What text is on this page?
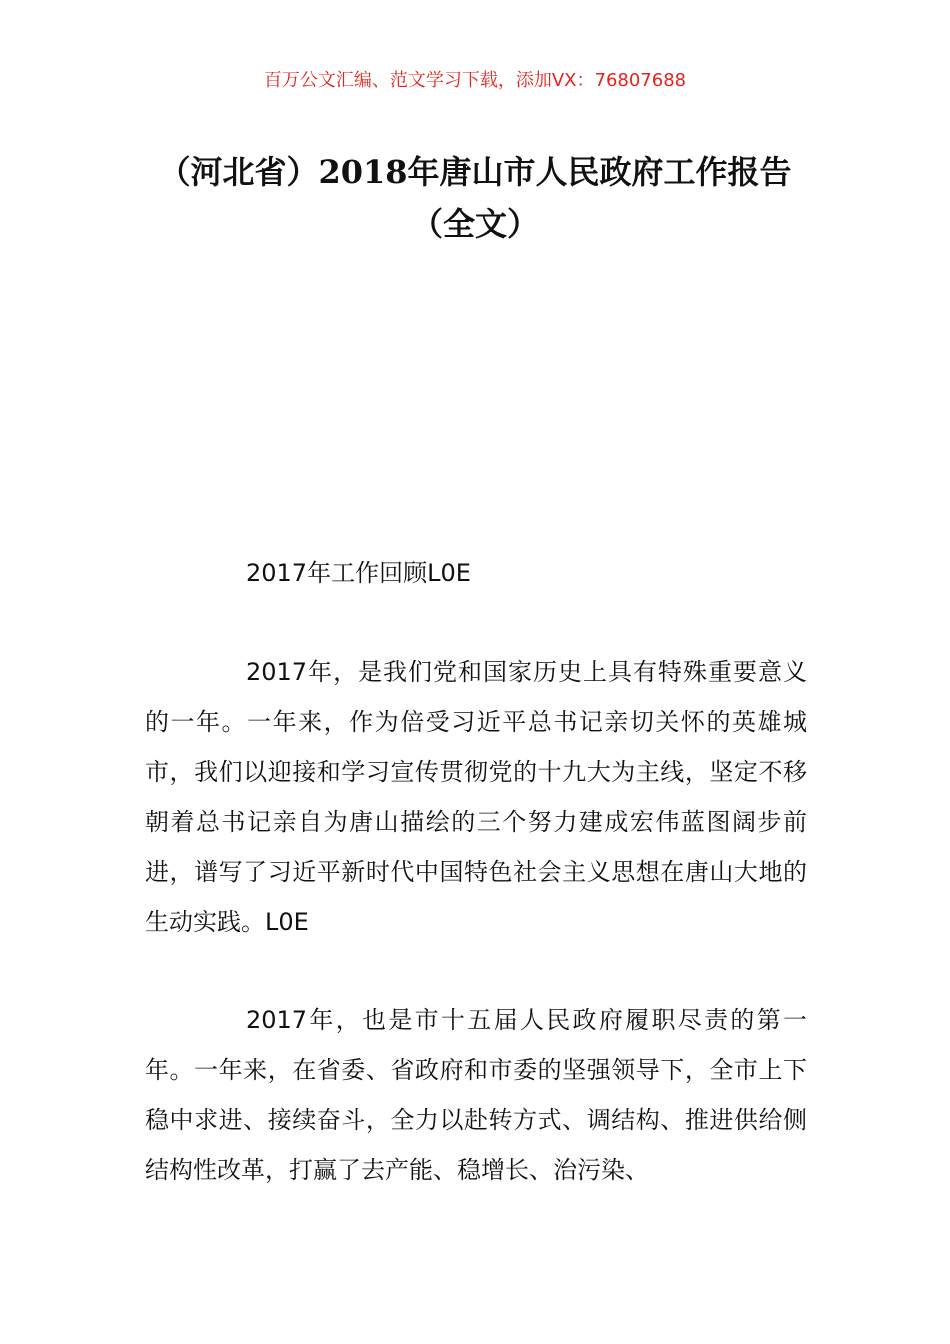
百万公文汇编、范文学习下载，添加VX：76807688
（河北省）2018年唐山市人民政府工作报告（全文）

2017年工作回顾L0E

2017年，是我们党和国家历史上具有特殊重要意义的一年。一年来，作为倍受习近平总书记亲切关怀的英雄城市，我们以迎接和学习宣传贯彻党的十九大为主线，坚定不移朝着总书记亲自为唐山描绘的三个努力建成宏伟蓝图阔步前进，谱写了习近平新时代中国特色社会主义思想在唐山大地的生动实践。L0E

2017年，也是市十五届人民政府履职尽责的第一年。一年来，在省委、省政府和市委的坚强领导下，全市上下稳中求进、接续奋斗，全力以赴转方式、调结构、推进供给侧结构性改革，打赢了去产能、稳增长、治污染、
